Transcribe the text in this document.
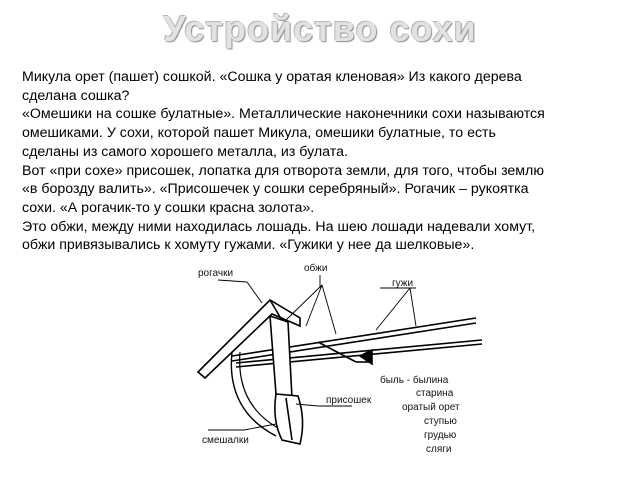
Устройство сохи
Микула орет (пашет) сошкой. «Сошка у оратая кленовая» Из какого дерева
сделана сошка?
«Омешики на сошке булатные». Металлические наконечники сохи называются
омешиками. У сохи, которой пашет Микула, омешики булатные, то есть
сделаны из самого хорошего металла, из булата.
Вот «при сохе» присошек, лопатка для отворота земли, для того, чтобы землю
«в борозду валить». «Присошечек у сошки серебряный». Рогачик – рукоятка
сохи. «А рогачик-то у сошки красна золота».
Это обжи, между ними находилась лошадь. На шею лошади надевали хомут,
обжи привязывались к хомуту гужами. «Гужики у нее да шелковые».
рогачки	обжи
гужи
присошек
смешалки
быль - былина
старина
оратый орет
ступью
грудью
сляги
